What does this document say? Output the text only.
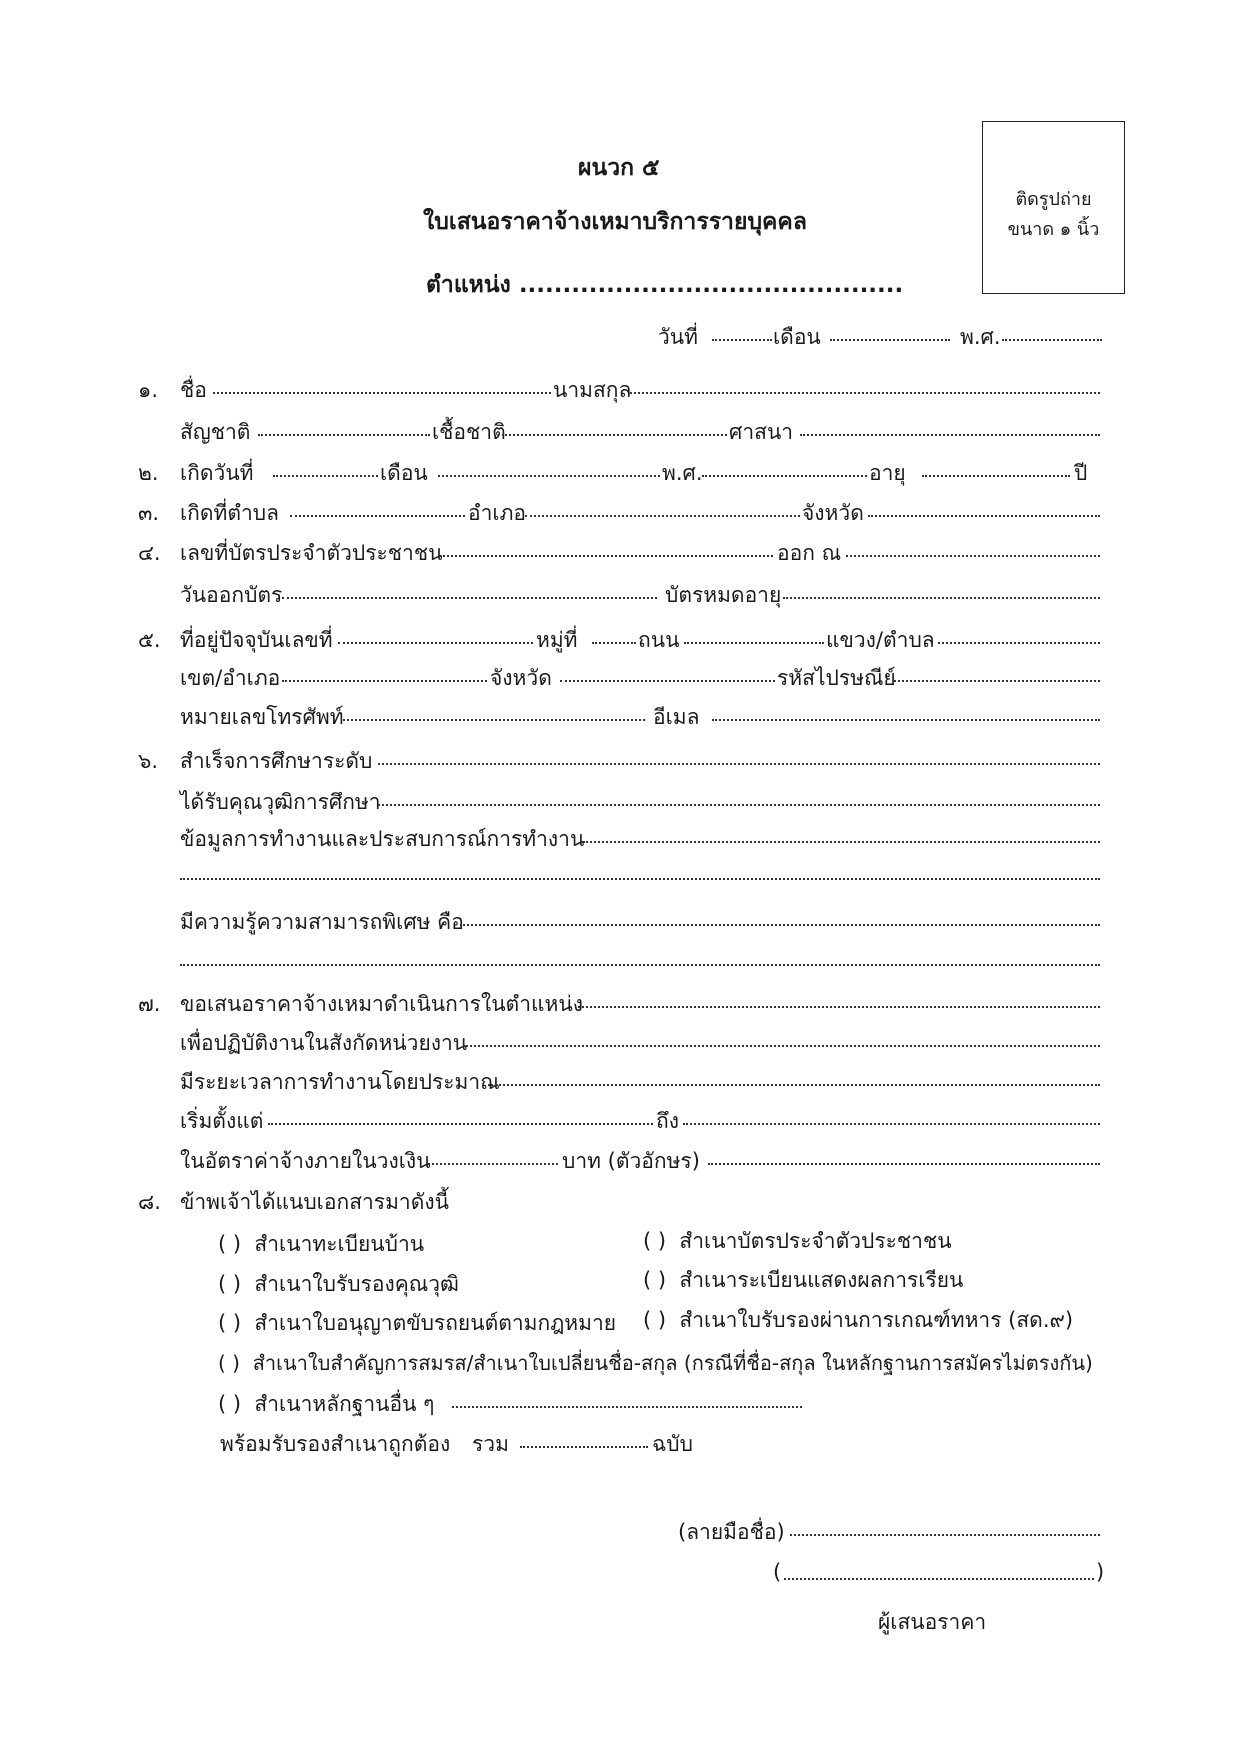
ผนวก ๕
ใบเสนอราคาจ้างเหมาบริการรายบุคคล
ตำแหน่ง ............................................
ติดรูปถ่าย
ขนาด ๑ นิ้ว
วันที่	เดือน	พ.ศ.
๑. ชื่อ	นามสกุล
สัญชาติ	เชื้อชาติ	ศาสนา
๒. เกิดวันที่	เดือน	พ.ศ.	อายุ	ปี
๓. เกิดที่ตำบล	อำเภอ	จังหวัด
๔. เลขที่บัตรประจำตัวประชาชน	ออก ณ
วันออกบัตร	บัตรหมดอายุ
๕. ที่อยู่ปัจจุบันเลขที่	หมู่ที่	ถนน	แขวง/ตำบล
เขต/อำเภอ	จังหวัด	รหัสไปรษณีย์
หมายเลขโทรศัพท์	อีเมล
๖. สำเร็จการศึกษาระดับ
ได้รับคุณวุฒิการศึกษา
ข้อมูลการทำงานและประสบการณ์การทำงาน
มีความรู้ความสามารถพิเศษ คือ
๗. ขอเสนอราคาจ้างเหมาดำเนินการในตำแหน่ง
เพื่อปฏิบัติงานในสังกัดหน่วยงาน
มีระยะเวลาการทำงานโดยประมาณ
เริ่มตั้งแต่	ถึง
ในอัตราค่าจ้างภายในวงเงิน	บาท (ตัวอักษร)
๘. ข้าพเจ้าได้แนบเอกสารมาดังนี้
( ) สำเนาทะเบียนบ้าน	( ) สำเนาบัตรประจำตัวประชาชน
( ) สำเนาใบรับรองคุณวุฒิ	( ) สำเนาระเบียนแสดงผลการเรียน
( ) สำเนาใบอนุญาตขับรถยนต์ตามกฎหมาย ( ) สำเนาใบรับรองผ่านการเกณฑ์ทหาร (สด.๙)
( ) สำเนาใบสำคัญการสมรส/สำเนาใบเปลี่ยนชื่อ-สกุล (กรณีที่ชื่อ-สกุล ในหลักฐานการสมัครไม่ตรงกัน)
( ) สำเนาหลักฐานอื่น ๆ
พร้อมรับรองสำเนาถูกต้อง รวม	ฉบับ
(ลายมือชื่อ)
(	)
ผู้เสนอราคา
